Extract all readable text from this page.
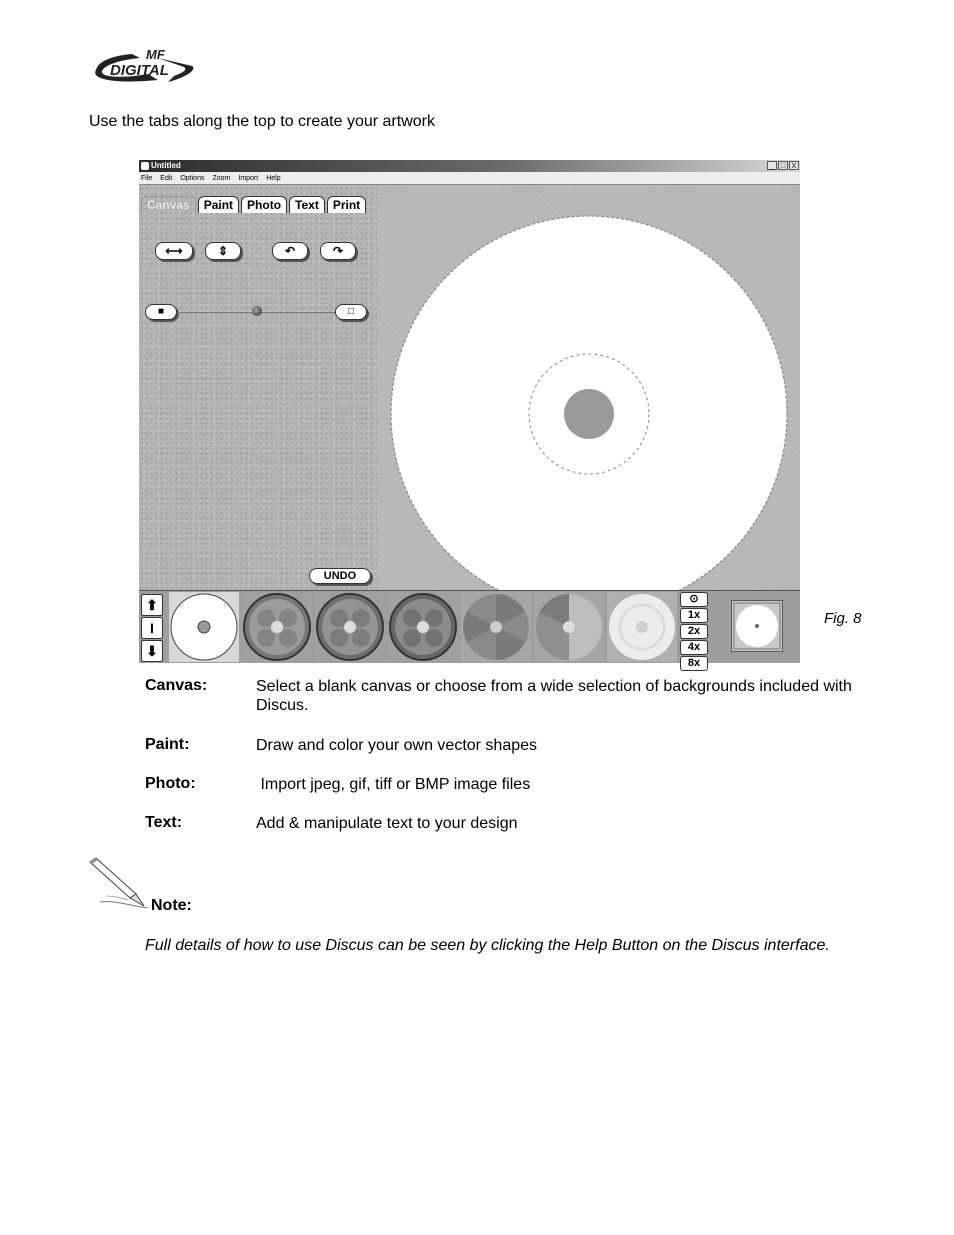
MF
DIGITAL
Use the tabs along the top to create your artwork
Untitled	_ □ X
File Edit Options Zoom Import Help
Canvas	Paint	Photo	Text	Print
⟷	⇕	↶	↷
■	□
UNDO
⬆
I
⬇
⊙
1x
2x
4x
8x
Fig. 8
Canvas:	Select a blank canvas or choose from a wide selection of backgrounds included with Discus.
Paint:	Draw and color your own vector shapes
Photo:	Import jpeg, gif, tiff or BMP image files
Text:	Add & manipulate text to your design
Note:
Full details of how to use Discus can be seen by clicking the Help Button on the Discus interface.
